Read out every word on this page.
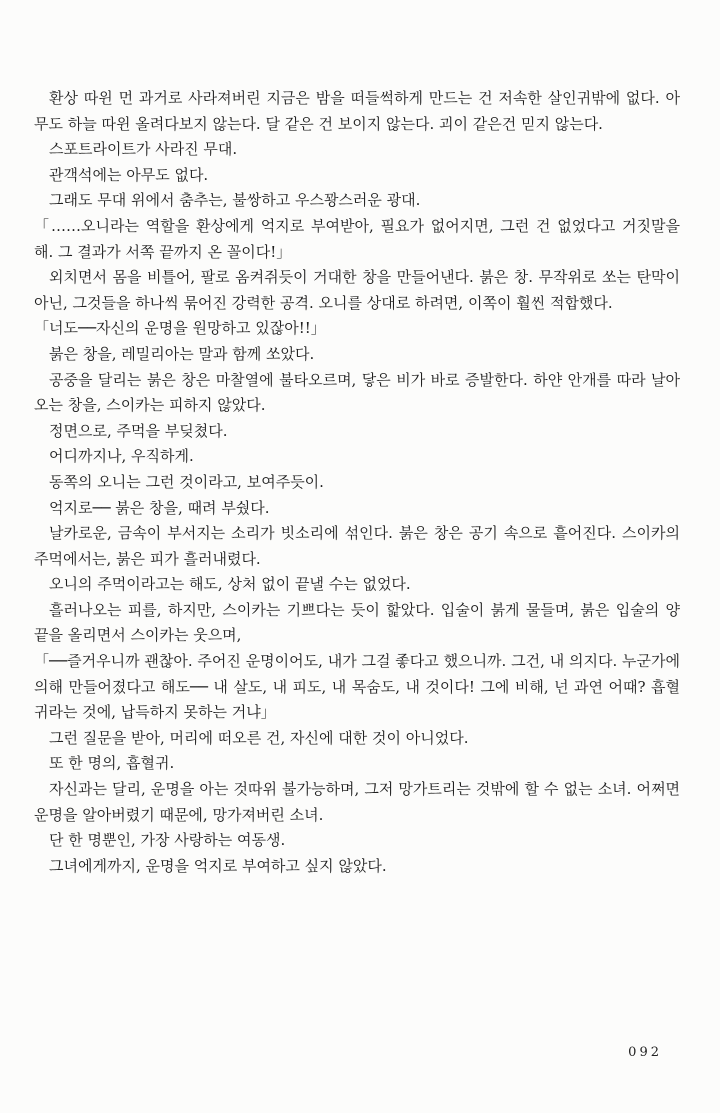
환상 따윈 먼 과거로 사라져버린 지금은 밤을 떠들썩하게 만드는 건 저속한 살인귀밖에 없다. 아무도 하늘 따윈 올려다보지 않는다. 달 같은 건 보이지 않는다. 괴이 같은건 믿지 않는다.

스포트라이트가 사라진 무대.

관객석에는 아무도 없다.

그래도 무대 위에서 춤추는, 불쌍하고 우스꽝스러운 광대.

「……오니라는 역할을 환상에게 억지로 부여받아, 필요가 없어지면, 그런 건 없었다고 거짓말을 해. 그 결과가 서쪽 끝까지 온 꼴이다!」

외치면서 몸을 비틀어, 팔로 옴켜쥐듯이 거대한 창을 만들어낸다. 붉은 창. 무작위로 쏘는 탄막이 아닌, 그것들을 하나씩 묶어진 강력한 공격. 오니를 상대로 하려면, 이쪽이 훨씬 적합했다.

「너도──자신의 운명을 원망하고 있잖아!!」

붉은 창을, 레밀리아는 말과 함께 쏘았다.

공중을 달리는 붉은 창은 마찰열에 불타오르며, 닿은 비가 바로 증발한다. 하얀 안개를 따라 날아오는 창을, 스이카는 피하지 않았다.

정면으로, 주먹을 부딪쳤다.

어디까지나, 우직하게.

동쪽의 오니는 그런 것이라고, 보여주듯이.

억지로── 붉은 창을, 때려 부쉈다.

날카로운, 금속이 부서지는 소리가 빗소리에 섞인다. 붉은 창은 공기 속으로 흩어진다. 스이카의 주먹에서는, 붉은 피가 흘러내렸다.

오니의 주먹이라고는 해도, 상처 없이 끝낼 수는 없었다.

흘러나오는 피를, 하지만, 스이카는 기쁘다는 듯이 핥았다. 입술이 붉게 물들며, 붉은 입술의 양 끝을 올리면서 스이카는 웃으며,

「──즐거우니까 괜찮아. 주어진 운명이어도, 내가 그걸 좋다고 했으니까. 그건, 내 의지다. 누군가에 의해 만들어졌다고 해도── 내 살도, 내 피도, 내 목숨도, 내 것이다! 그에 비해, 넌 과연 어때? 흡혈귀라는 것에, 납득하지 못하는 거냐」

그런 질문을 받아, 머리에 떠오른 건, 자신에 대한 것이 아니었다.

또 한 명의, 흡혈귀.

자신과는 달리, 운명을 아는 것따위 불가능하며, 그저 망가트리는 것밖에 할 수 없는 소녀. 어쩌면 운명을 알아버렸기 때문에, 망가져버린 소녀.

단 한 명뿐인, 가장 사랑하는 여동생.

그녀에게까지, 운명을 억지로 부여하고 싶지 않았다.

092
